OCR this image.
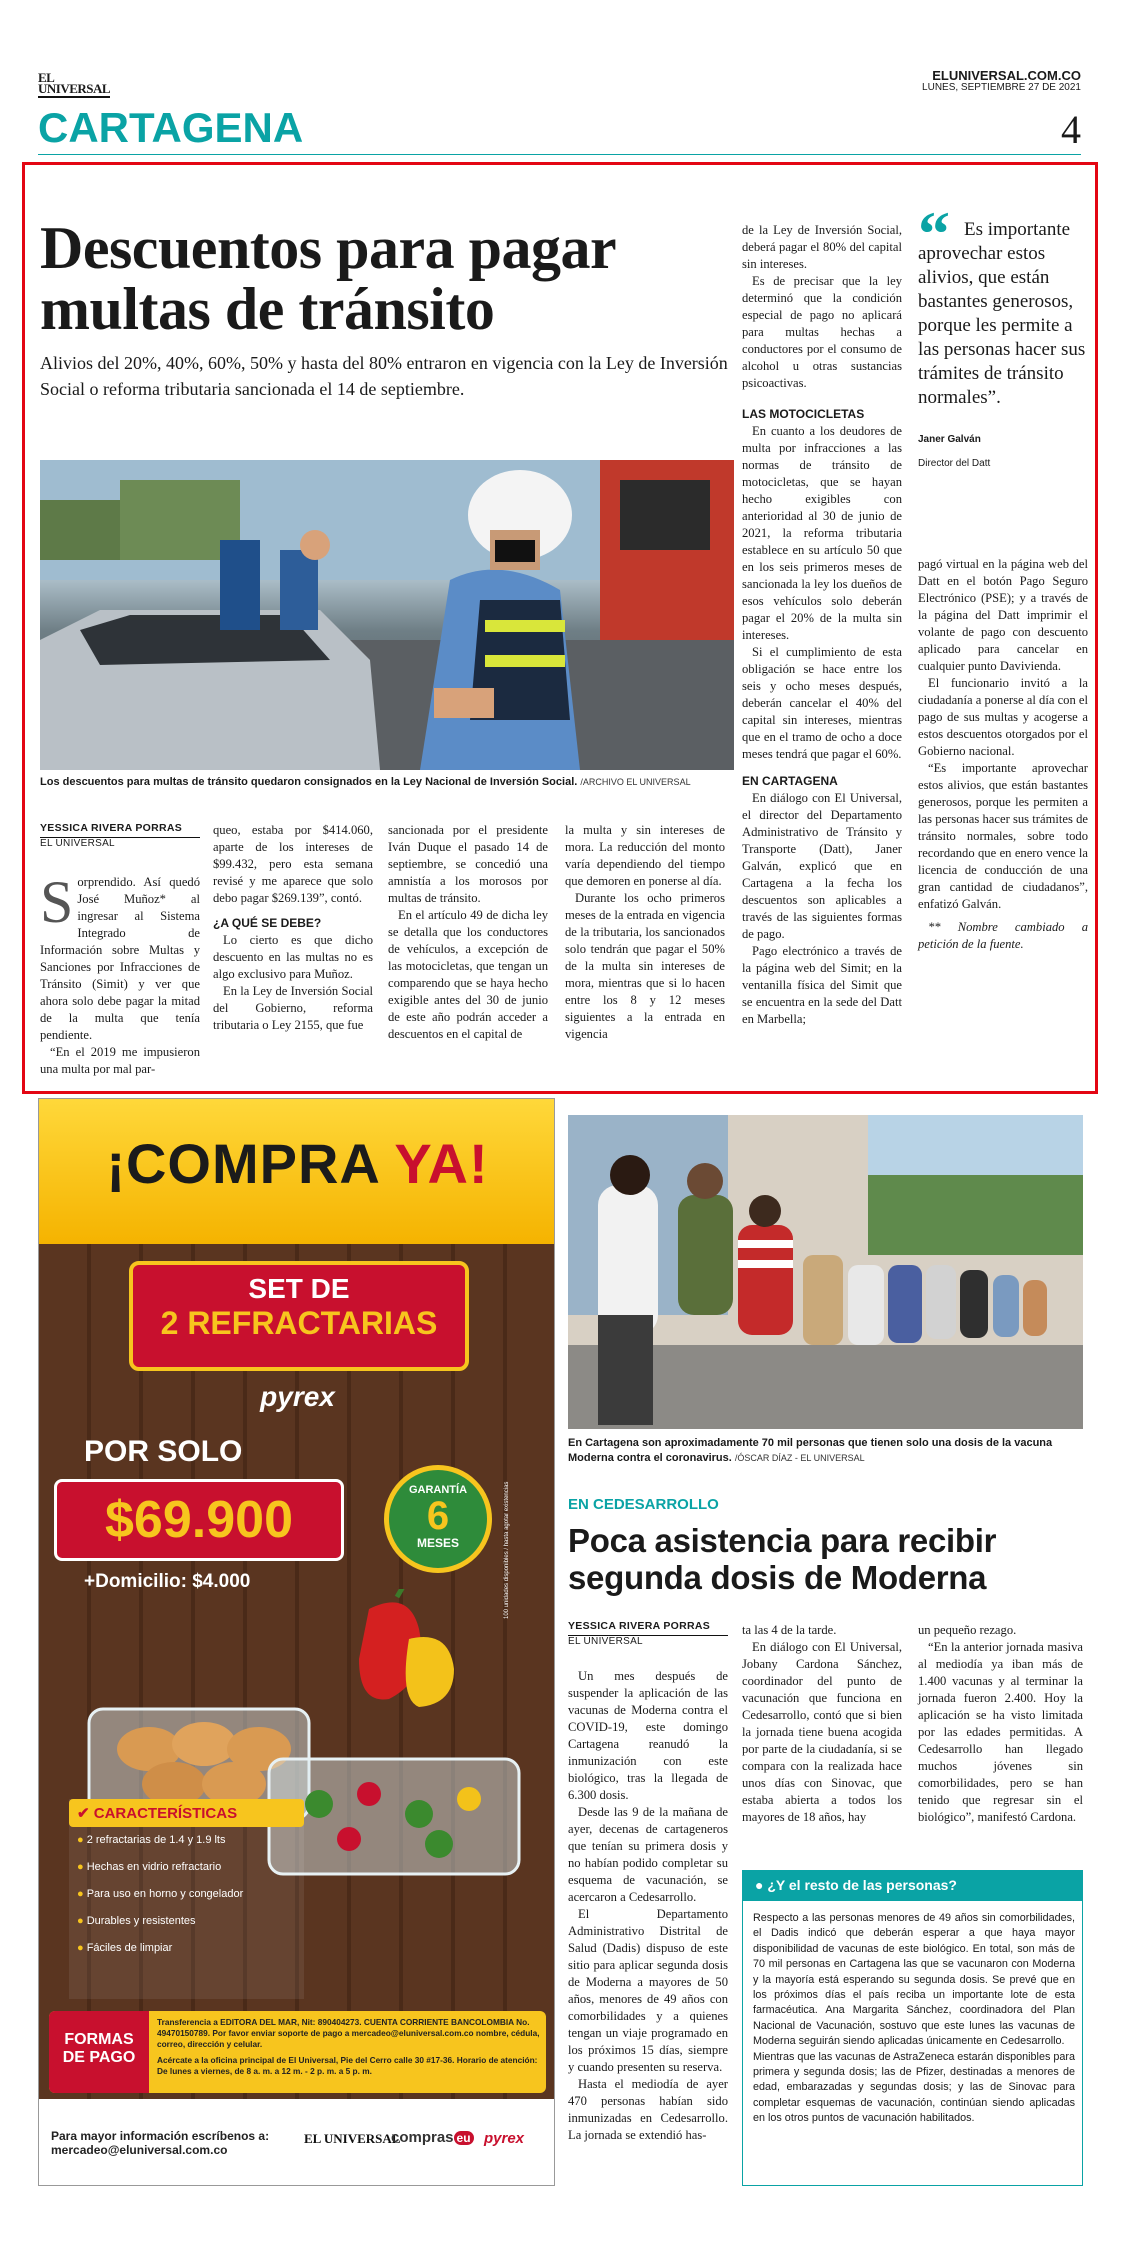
EL
UNIVERSAL
ELUNIVERSAL.COM.CO
LUNES, SEPTIEMBRE 27 DE 2021
CARTAGENA	4
Descuentos para pagar multas de tránsito
Alivios del 20%, 40%, 60%, 50% y hasta del 80% entraron en vigencia con la Ley de Inversión Social o reforma tributaria sancionada el 14 de septiembre.
Los descuentos para multas de tránsito quedaron consignados en la Ley Nacional de Inversión Social. /ARCHIVO EL UNIVERSAL
YESSICA RIVERA PORRAS
EL UNIVERSAL
S orprendido. Así quedó José Muñoz* al ingresar al Sistema Integrado de Información sobre Multas y Sanciones por Infracciones de Tránsito (Simit) y ver que ahora solo debe pagar la mitad de la multa que tenía pendiente.

“En el 2019 me impusieron una multa por mal par-

queo, estaba por $414.060, aparte de los intereses de $99.432, pero esta semana revisé y me aparece que solo debo pagar $269.139”, contó.

¿A QUÉ SE DEBE?

Lo cierto es que dicho descuento en las multas no es algo exclusivo para Muñoz.

En la Ley de Inversión Social del Gobierno, reforma tributaria o Ley 2155, que fue

sancionada por el presidente Iván Duque el pasado 14 de septiembre, se concedió una amnistía a los morosos por multas de tránsito.

En el artículo 49 de dicha ley se detalla que los conductores de vehículos, a excepción de las motocicletas, que tengan un comparendo que se haya hecho exigible antes del 30 de junio de este año podrán acceder a descuentos en el capital de

la multa y sin intereses de mora. La reducción del monto varía dependiendo del tiempo que demoren en ponerse al día.

Durante los ocho primeros meses de la entrada en vigencia de la tributaria, los sancionados solo tendrán que pagar el 50% de la multa sin intereses de mora, mientras que si lo hacen entre los 8 y 12 meses siguientes a la entrada en vigencia

de la Ley de Inversión Social, deberá pagar el 80% del capital sin intereses.

Es de precisar que la ley determinó que la condición especial de pago no aplicará para multas hechas a conductores por el consumo de alcohol u otras sustancias psicoactivas.

LAS MOTOCICLETAS

En cuanto a los deudores de multa por infracciones a las normas de tránsito de motocicletas, que se hayan hecho exigibles con anterioridad al 30 de junio de 2021, la reforma tributaria establece en su artículo 50 que en los seis primeros meses de sancionada la ley los dueños de esos vehículos solo deberán pagar el 20% de la multa sin intereses.

Si el cumplimiento de esta obligación se hace entre los seis y ocho meses después, deberán cancelar el 40% del capital sin intereses, mientras que en el tramo de ocho a doce meses tendrá que pagar el 60%.

EN CARTAGENA

En diálogo con El Universal, el director del Departamento Administrativo de Tránsito y Transporte (Datt), Janer Galván, explicó que en Cartagena a la fecha los descuentos son aplicables a través de las siguientes formas de pago.

Pago electrónico a través de la página web del Simit; en la ventanilla física del Simit que se encuentra en la sede del Datt en Marbella;

“ Es importante aprovechar estos alivios, que están bastantes generosos, porque les permite a las personas hacer sus trámites de tránsito normales”.

Janer Galván
Director del Datt

pagó virtual en la página web del Datt en el botón Pago Seguro Electrónico (PSE); y a través de la página del Datt imprimir el volante de pago con descuento aplicado para cancelar en cualquier punto Davivienda.

El funcionario invitó a la ciudadanía a ponerse al día con el pago de sus multas y acogerse a estos descuentos otorgados por el Gobierno nacional.

“Es importante aprovechar estos alivios, que están bastantes generosos, porque les permiten a las personas hacer sus trámites de tránsito normales, sobre todo recordando que en enero vence la licencia de conducción de una gran cantidad de ciudadanos”, enfatizó Galván.

** Nombre cambiado a petición de la fuente.

¡COMPRA YA!
SET DE
2 REFRACTARIAS
pyrex
POR SOLO
$69.900
+Domicilio: $4.000
GARANTÍA
6
MESES	100 unidades disponibles / hasta agotar existencias
✔ CARACTERÍSTICAS
● 2 refractarias de 1.4 y 1.9 lts
● Hechas en vidrio refractario
● Para uso en horno y congelador
● Durables y resistentes
● Fáciles de limpiar
FORMAS
DE PAGO
Transferencia a EDITORA DEL MAR, Nit: 890404273. CUENTA CORRIENTE BANCOLOMBIA No. 49470150789. Por favor enviar soporte de pago a mercadeo@eluniversal.com.co nombre, cédula, correo, dirección y celular.
Acércate a la oficina principal de El Universal, Pie del Cerro calle 30 #17-36. Horario de atención: De lunes a viernes, de 8 a. m. a 12 m. - 2 p. m. a 5 p. m.
Para mayor información escríbenos a:
mercadeo@eluniversal.com.co
EL UNIVERSAL
compras eu pyrex
En Cartagena son aproximadamente 70 mil personas que tienen solo una dosis de la vacuna Moderna contra el coronavirus. /ÓSCAR DÍAZ - EL UNIVERSAL
EN CEDESARROLLO
Poca asistencia para recibir segunda dosis de Moderna
YESSICA RIVERA PORRAS
EL UNIVERSAL

Un mes después de suspender la aplicación de las vacunas de Moderna contra el COVID-19, este domingo Cartagena reanudó la inmunización con este biológico, tras la llegada de 6.300 dosis.

Desde las 9 de la mañana de ayer, decenas de cartageneros que tenían su primera dosis y no habían podido completar su esquema de vacunación, se acercaron a Cedesarrollo.

El Departamento Administrativo Distrital de Salud (Dadis) dispuso de este sitio para aplicar segunda dosis de Moderna a mayores de 50 años, menores de 49 años con comorbilidades y a quienes tengan un viaje programado en los próximos 15 días, siempre y cuando presenten su reserva.

Hasta el mediodía de ayer 470 personas habían sido inmunizadas en Cedesarrollo. La jornada se extendió has-

ta las 4 de la tarde.

En diálogo con El Universal, Jobany Cardona Sánchez, coordinador del punto de vacunación que funciona en Cedesarrollo, contó que si bien la jornada tiene buena acogida por parte de la ciudadanía, si se compara con la realizada hace unos días con Sinovac, que estaba abierta a todos los mayores de 18 años, hay

un pequeño rezago.

“En la anterior jornada masiva al mediodía ya iban más de 1.400 vacunas y al terminar la jornada fueron 2.400. Hoy la aplicación se ha visto limitada por las edades permitidas. A Cedesarrollo han llegado muchos jóvenes sin comorbilidades, pero se han tenido que regresar sin el biológico”, manifestó Cardona.

● ¿Y el resto de las personas?

Respecto a las personas menores de 49 años sin comorbilidades, el Dadis indicó que deberán esperar a que haya mayor disponibilidad de vacunas de este biológico. En total, son más de 70 mil personas en Cartagena las que se vacunaron con Moderna y la mayoría está esperando su segunda dosis. Se prevé que en los próximos días el país reciba un importante lote de esta farmacéutica. Ana Margarita Sánchez, coordinadora del Plan Nacional de Vacunación, sostuvo que este lunes las vacunas de Moderna seguirán siendo aplicadas únicamente en Cedesarrollo.

Mientras que las vacunas de AstraZeneca estarán disponibles para primera y segunda dosis; las de Pfizer, destinadas a menores de edad, embarazadas y segundas dosis; y las de Sinovac para completar esquemas de vacunación, continúan siendo aplicadas en los otros puntos de vacunación habilitados.
